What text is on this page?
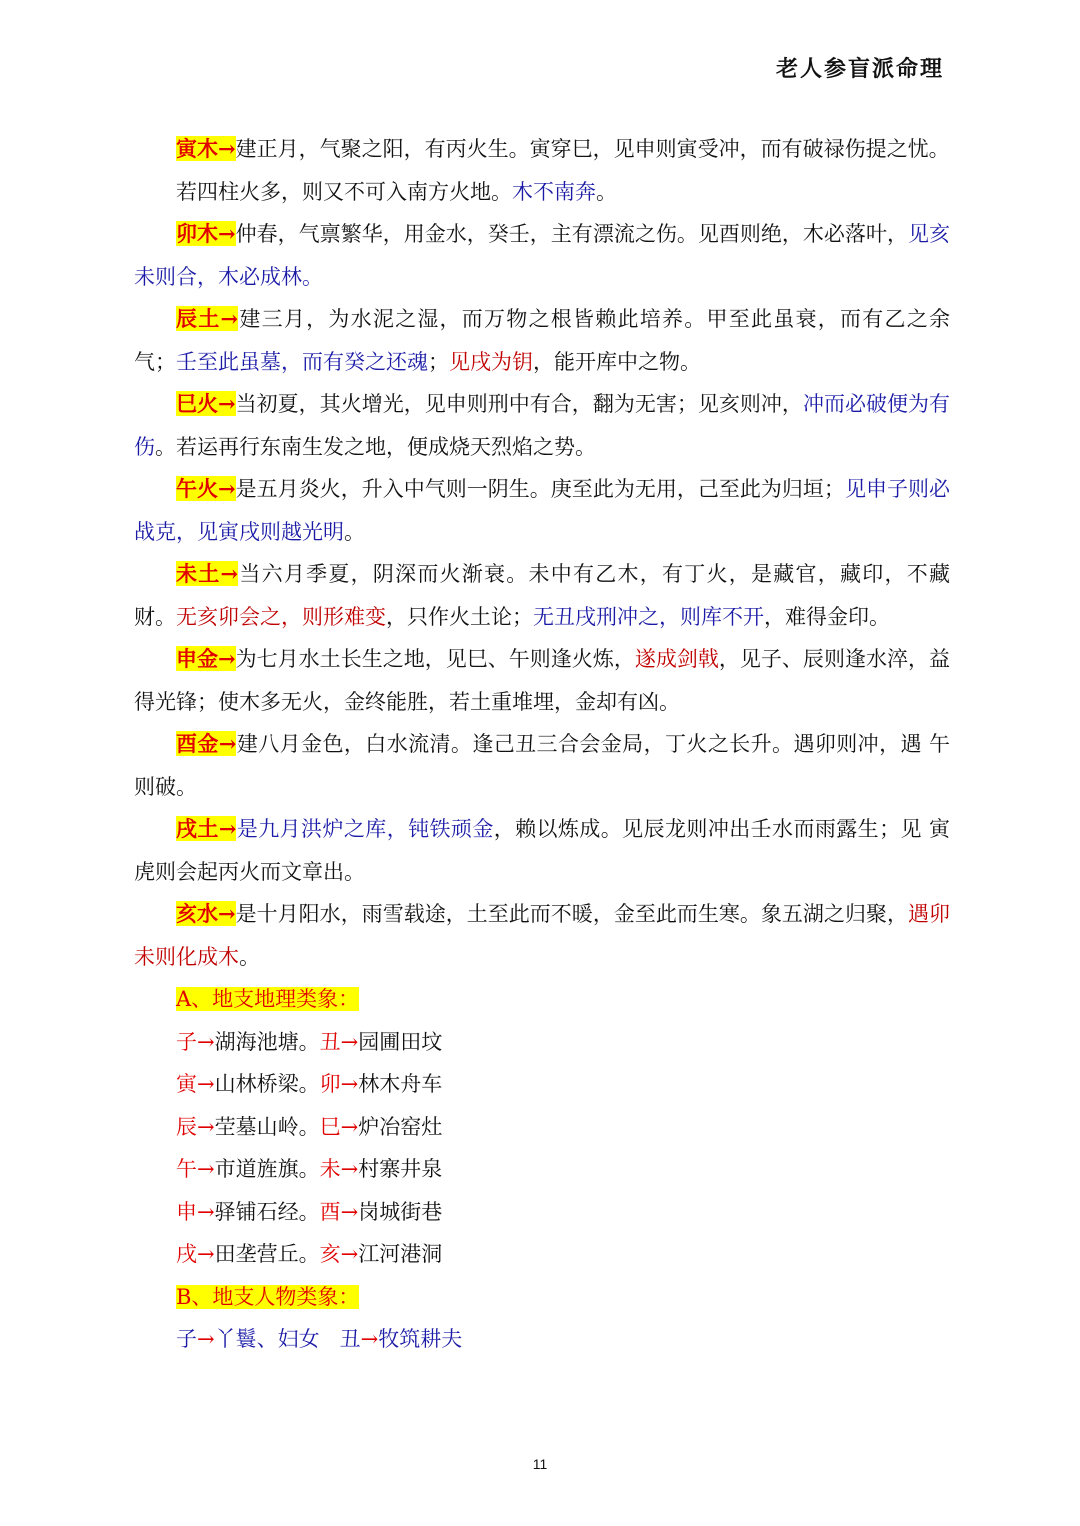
老人参盲派命理

寅木→建正月，气聚之阳，有丙火生。寅穿巳，见申则寅受冲，而有破禄伤提之忧。

若四柱火多，则又不可入南方火地。木不南奔。

卯木→仲春，气禀繁华，用金水，癸壬，主有漂流之伤。见酉则绝，木必落叶，见亥未则合，木必成林。

辰土→建三月，为水泥之湿，而万物之根皆赖此培养。甲至此虽衰，而有乙之余 气；壬至此虽墓，而有癸之还魂；见戌为钥，能开库中之物。

巳火→当初夏，其火增光，见申则刑中有合，翻为无害；见亥则冲，冲而必破便为有伤。若运再行东南生发之地，便成烧天烈焰之势。

午火→是五月炎火，升入中气则一阴生。庚至此为无用，己至此为归垣；见申子则必战克，见寅戌则越光明。

未土→当六月季夏，阴深而火渐衰。未中有乙木，有丁火，是藏官，藏印，不藏 财。无亥卯会之，则形难变，只作火土论；无丑戌刑冲之，则库不开，难得金印。

申金→为七月水土长生之地，见巳、午则逢火炼，遂成剑戟，见子、辰则逢水淬，益得光锋；使木多无火，金终能胜，若土重堆埋，金却有凶。

酉金→建八月金色，白水流清。逢己丑三合会金局，丁火之长升。遇卯则冲，遇 午则破。

戌土→是九月洪炉之库，钝铁顽金，赖以炼成。见辰龙则冲出壬水而雨露生；见 寅虎则会起丙火而文章出。

亥水→是十月阳水，雨雪载途，土至此而不暖，金至此而生寒。象五湖之归聚，遇卯未则化成木。

A、地支地理类象：

子→湖海池塘。丑→园圃田坟

寅→山林桥梁。卯→林木舟车

辰→茔墓山岭。巳→炉冶窑灶

午→市道旌旗。未→村寨井泉

申→驿铺石经。酉→岗城街巷

戌→田垄营丘。亥→江河港洞

B、地支人物类象：

子→丫鬟、妇女 丑→牧筑耕夫

11
